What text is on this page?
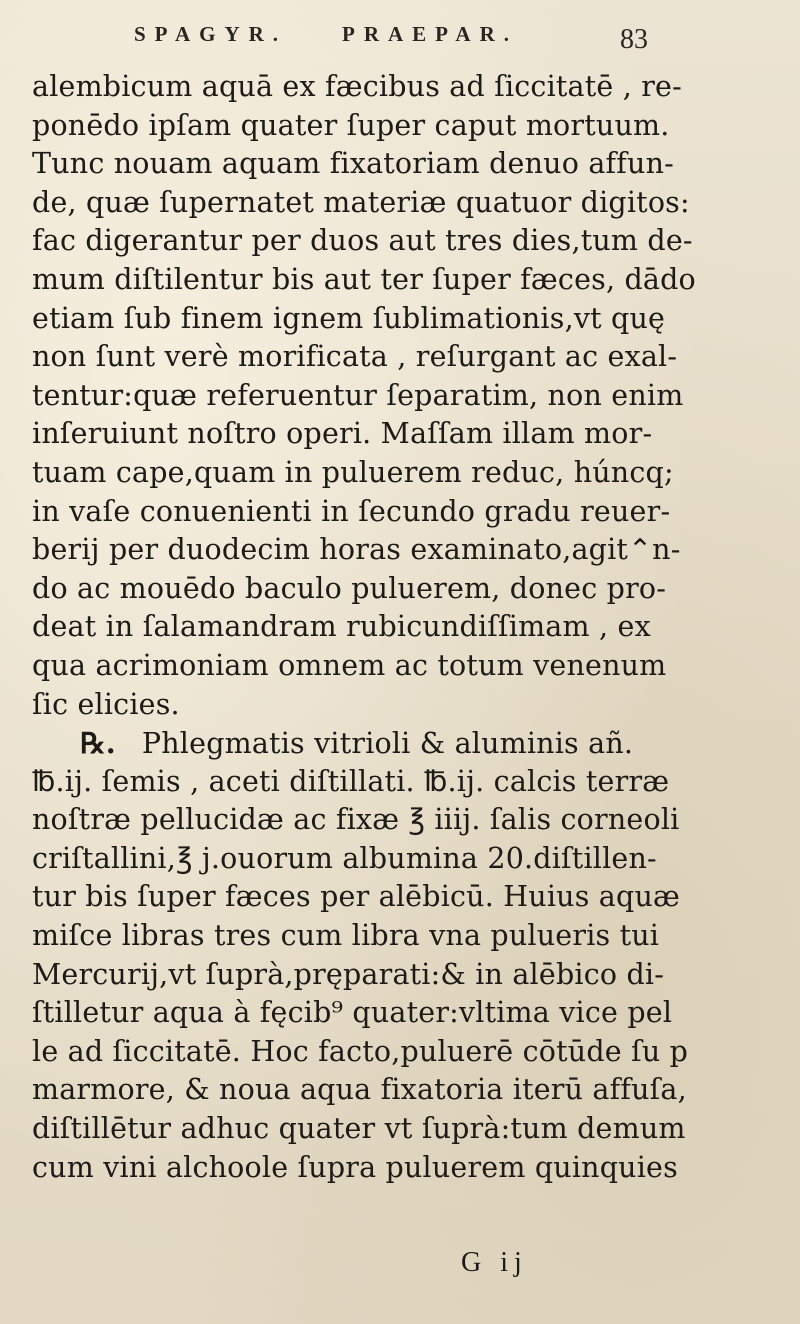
SPAGYR.	PRAEPAR.	83
alembicum aquā ex fæcibus ad ſiccitatē , re-
ponēdo ipſam quater ſuper caput mortuum.
Tunc nouam aquam fixatoriam denuo affun-
de, quæ ſupernatet materiæ quatuor digitos:
fac digerantur per duos aut tres dies,tum de-
mum diſtilentur bis aut ter ſuper fæces, dādo
etiam ſub finem ignem ſublimationis,vt quę
non ſunt verè morificata , reſurgant ac exal-
tentur:quæ referuentur ſeparatim, non enim
inſeruiunt noſtro operi. Maſſam illam mor-
tuam cape,quam in puluerem reduc, húncq;
in vaſe conuenienti in ſecundo gradu reuer-
berij per duodecim horas examinato,agit⌃n-
do ac mouēdo baculo puluerem, donec pro-
deat in ſalamandram rubicundiſſimam , ex
qua acrimoniam omnem ac totum venenum
ſic elicies.
℞. Phlegmatis vitrioli & aluminis añ.
℔.ij. ſemis , aceti diſtillati. ℔.ij. calcis terræ
noſtræ pellucidæ ac fixæ ℥ iiij. ſalis corneoli
criſtallini,℥ j.ouorum albumina 20.diſtillen-
tur bis ſuper fæces per alēbicū. Huius aquæ
miſce libras tres cum libra vna pulueris tui
Mercurij,vt ſuprà,pręparati:& in alēbico di-
ſtilletur aqua à fęcib⁹ quater:vltima vice pel
le ad ſiccitatē. Hoc facto,puluerē cōtūde ſu p
marmore, & noua aqua fixatoria iterū affuſa,
diſtillētur adhuc quater vt ſuprà:tum demum
cum vini alchoole ſupra puluerem quinquies
G ij
